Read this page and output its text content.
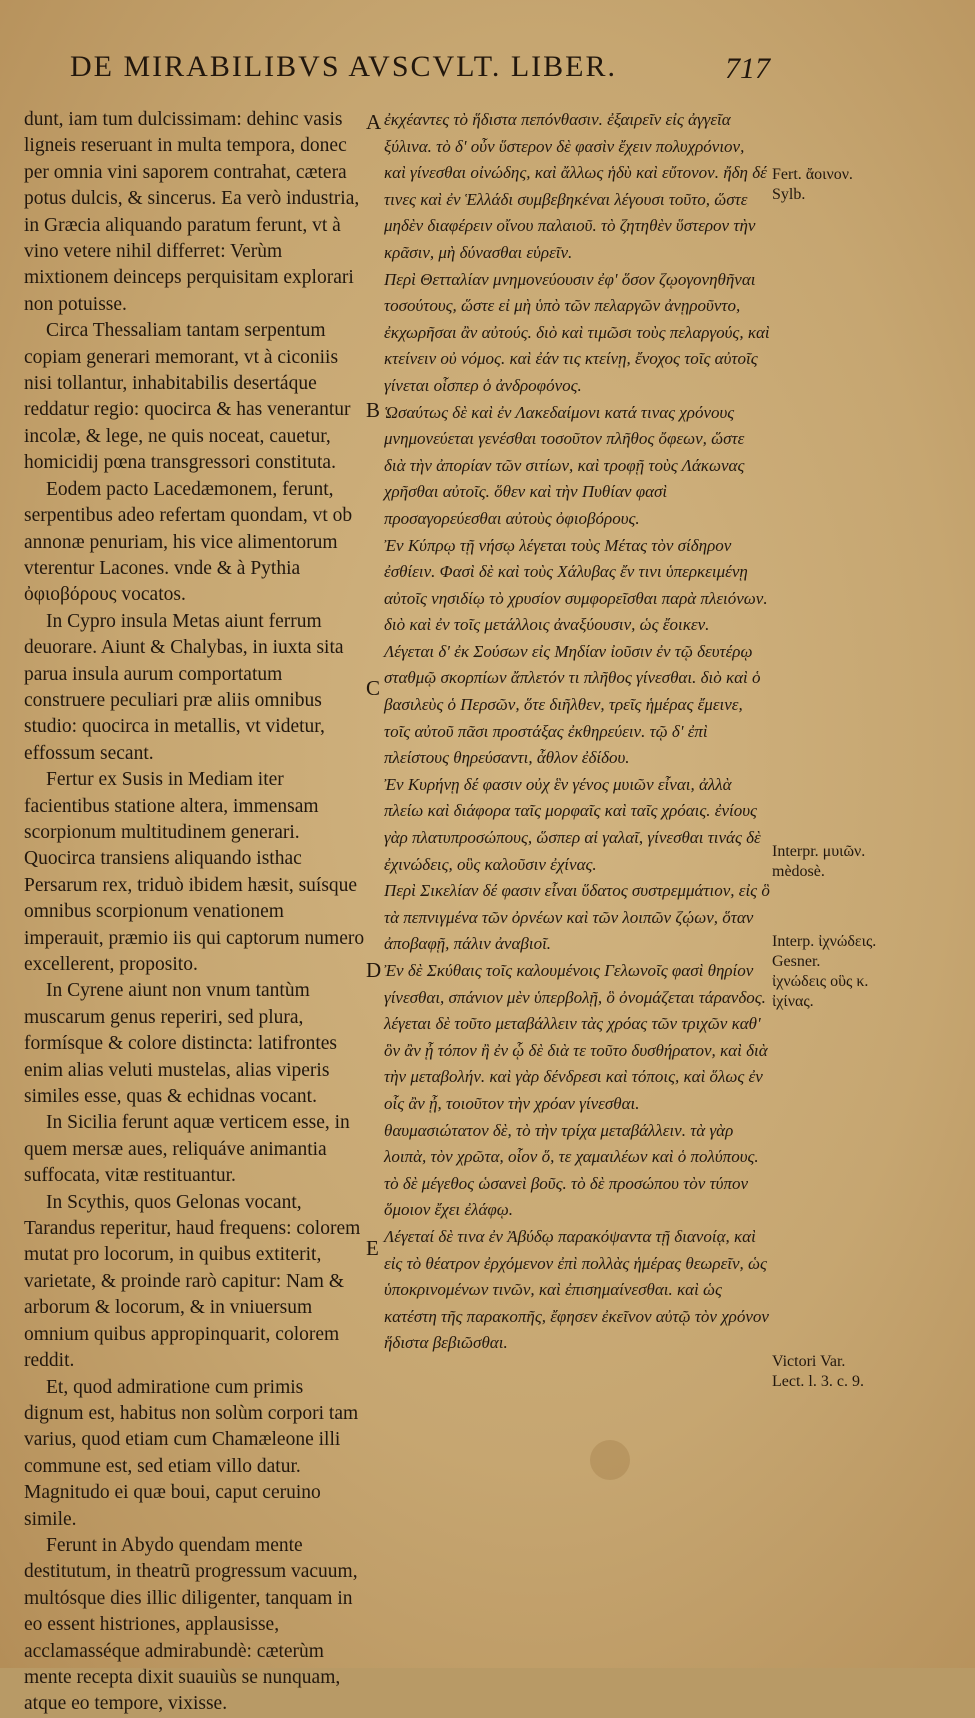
DE MIRABILIBVS AVSCVLT. LIBER.	717

dunt, iam tum dulcissimam: dehinc vasis ligneis reseruant in multa tempora, donec per omnia vini saporem contrahat, cætera potus dulcis, & sincerus. Ea verò industria, in Græcia aliquando paratum ferunt, vt à vino vetere nihil differret: Verùm mixtionem deinceps perquisitam explorari non potuisse.

Circa Thessaliam tantam serpentum copiam generari memorant, vt à ciconiis nisi tollantur, inhabitabilis desertáque reddatur regio: quocirca & has venerantur incolæ, & lege, ne quis noceat, cauetur, homicidij pœna transgressori constituta.

Eodem pacto Lacedæmonem, ferunt, serpentibus adeo refertam quondam, vt ob annonæ penuriam, his vice alimentorum vterentur Lacones. vnde & à Pythia ὀφιοβόρους vocatos.

In Cypro insula Metas aiunt ferrum deuorare. Aiunt & Chalybas, in iuxta sita parua insula aurum comportatum construere peculiari præ aliis omnibus studio: quocirca in metallis, vt videtur, effossum secant.

Fertur ex Susis in Mediam iter facientibus statione altera, immensam scorpionum multitudinem generari. Quocirca transiens aliquando isthac Persarum rex, triduò ibidem hæsit, suísque omnibus scorpionum venationem imperauit, præmio iis qui captorum numero excellerent, proposito.

In Cyrene aiunt non vnum tantùm muscarum genus reperiri, sed plura, formísque & colore distincta: latifrontes enim alias veluti mustelas, alias viperis similes esse, quas & echidnas vocant.

In Sicilia ferunt aquæ verticem esse, in quem mersæ aues, reliquáve animantia suffocata, vitæ restituantur.

In Scythis, quos Gelonas vocant, Tarandus reperitur, haud frequens: colorem mutat pro locorum, in quibus extiterit, varietate, & proinde rarò capitur: Nam & arborum & locorum, & in vniuersum omnium quibus appropinquarit, colorem reddit.

Et, quod admiratione cum primis dignum est, habitus non solùm corpori tam varius, quod etiam cum Chamæleone illi commune est, sed etiam villo datur. Magnitudo ei quæ boui, caput ceruino simile.

Ferunt in Abydo quendam mente destitutum, in theatrũ progressum vacuum, multósque dies illic diligenter, tanquam in eo essent histriones, applausisse, acclamasséque admirabundè: cæterùm mente recepta dixit suauiùs se nunquam, atque eo tempore, vixisse.

A
B
C
D
E

ἐκχέαντες τὸ ἥδιστα πεπόνθασιν. ἐξαιρεῖν εἰς ἀγγεῖα ξύλινα. τὸ δ' οὖν ὕστερον δὲ φασὶν ἔχειν πολυχρόνιον, καὶ γίνεσθαι οἰνώδης, καὶ ἄλλως ἡδὺ καὶ εὔτονον. ἤδη δέ τινες καὶ ἐν Ἑλλάδι συμβεβηκέναι λέγουσι τοῦτο, ὥστε μηδὲν διαφέρειν οἴνου παλαιοῦ. τὸ ζητηθὲν ὕστερον τὴν κρᾶσιν, μὴ δύνασθαι εὑρεῖν.

Περὶ Θετταλίαν μνημονεύουσιν ἐφ' ὅσον ζῳογονηθῆναι τοσούτους, ὥστε εἰ μὴ ὑπὸ τῶν πελαργῶν ἀνῃροῦντο, ἐκχωρῆσαι ἂν αὐτούς. διὸ καὶ τιμῶσι τοὺς πελαργούς, καὶ κτείνειν οὐ νόμος. καὶ ἐάν τις κτείνῃ, ἔνοχος τοῖς αὐτοῖς γίνεται οἷσπερ ὁ ἀνδροφόνος.

Ὡσαύτως δὲ καὶ ἐν Λακεδαίμονι κατά τινας χρόνους μνημονεύεται γενέσθαι τοσοῦτον πλῆθος ὄφεων, ὥστε διὰ τὴν ἀπορίαν τῶν σιτίων, καὶ τροφῇ τοὺς Λάκωνας χρῆσθαι αὐτοῖς. ὅθεν καὶ τὴν Πυθίαν φασὶ προσαγορεύεσθαι αὐτοὺς ὀφιοβόρους.

Ἐν Κύπρῳ τῇ νήσῳ λέγεται τοὺς Μέτας τὸν σίδηρον ἐσθίειν. Φασὶ δὲ καὶ τοὺς Χάλυβας ἔν τινι ὑπερκειμένῃ αὐτοῖς νησιδίῳ τὸ χρυσίον συμφορεῖσθαι παρὰ πλειόνων. διὸ καὶ ἐν τοῖς μετάλλοις ἀναξύουσιν, ὡς ἔοικεν.

Λέγεται δ' ἐκ Σούσων εἰς Μηδίαν ἰοῦσιν ἐν τῷ δευτέρῳ σταθμῷ σκορπίων ἄπλετόν τι πλῆθος γίνεσθαι. διὸ καὶ ὁ βασιλεὺς ὁ Περσῶν, ὅτε διῆλθεν, τρεῖς ἡμέρας ἔμεινε, τοῖς αὐτοῦ πᾶσι προστάξας ἐκθηρεύειν. τῷ δ' ἐπὶ πλείστους θηρεύσαντι, ἆθλον ἐδίδου.

Ἐν Κυρήνῃ δέ φασιν οὐχ ἓν γένος μυιῶν εἶναι, ἀλλὰ πλείω καὶ διάφορα ταῖς μορφαῖς καὶ ταῖς χρόαις. ἐνίους γὰρ πλατυπροσώπους, ὥσπερ αἱ γαλαῖ, γίνεσθαι τινάς δὲ ἐχινώδεις, οὓς καλοῦσιν ἐχίνας.

Περὶ Σικελίαν δέ φασιν εἶναι ὕδατος συστρεμμάτιον, εἰς ὃ τὰ πεπνιγμένα τῶν ὀρνέων καὶ τῶν λοιπῶν ζῴων, ὅταν ἀποβαφῇ, πάλιν ἀναβιοῖ.

Ἐν δὲ Σκύθαις τοῖς καλουμένοις Γελωνοῖς φασὶ θηρίον γίνεσθαι, σπάνιον μὲν ὑπερβολῇ, ὃ ὀνομάζεται τάρανδος. λέγεται δὲ τοῦτο μεταβάλλειν τὰς χρόας τῶν τριχῶν καθ' ὃν ἂν ᾖ τόπον ἢ ἐν ᾧ δὲ διὰ τε τοῦτο δυσθήρατον, καὶ διὰ τὴν μεταβολήν. καὶ γὰρ δένδρεσι καὶ τόποις, καὶ ὅλως ἐν οἷς ἂν ᾖ, τοιοῦτον τὴν χρόαν γίνεσθαι.

θαυμασιώτατον δὲ, τὸ τὴν τρίχα μεταβάλλειν. τὰ γὰρ λοιπὰ, τὸν χρῶτα, οἷον ὅ, τε χαμαιλέων καὶ ὁ πολύπους. τὸ δὲ μέγεθος ὡσανεὶ βοῦς. τὸ δὲ προσώπου τὸν τύπον ὅμοιον ἔχει ἐλάφῳ.

Λέγεταί δὲ τινα ἐν Ἀβύδῳ παρακόψαντα τῇ διανοίᾳ, καὶ εἰς τὸ θέατρον ἐρχόμενον ἐπὶ πολλὰς ἡμέρας θεωρεῖν, ὡς ὑποκρινομένων τινῶν, καὶ ἐπισημαίνεσθαι. καὶ ὡς κατέστη τῆς παρακοπῆς, ἔφησεν ἐκεῖνον αὐτῷ τὸν χρόνον ἥδιστα βεβιῶσθαι.

Fert. ἄοινον. Sylb.
Interpr. μυιῶν. mèdosè.
Interp. ἰχνώδεις. Gesner. ἰχνώδεις οὓς κ. ἰχίνας.
Victori Var. Lect. l. 3. c. 9.
